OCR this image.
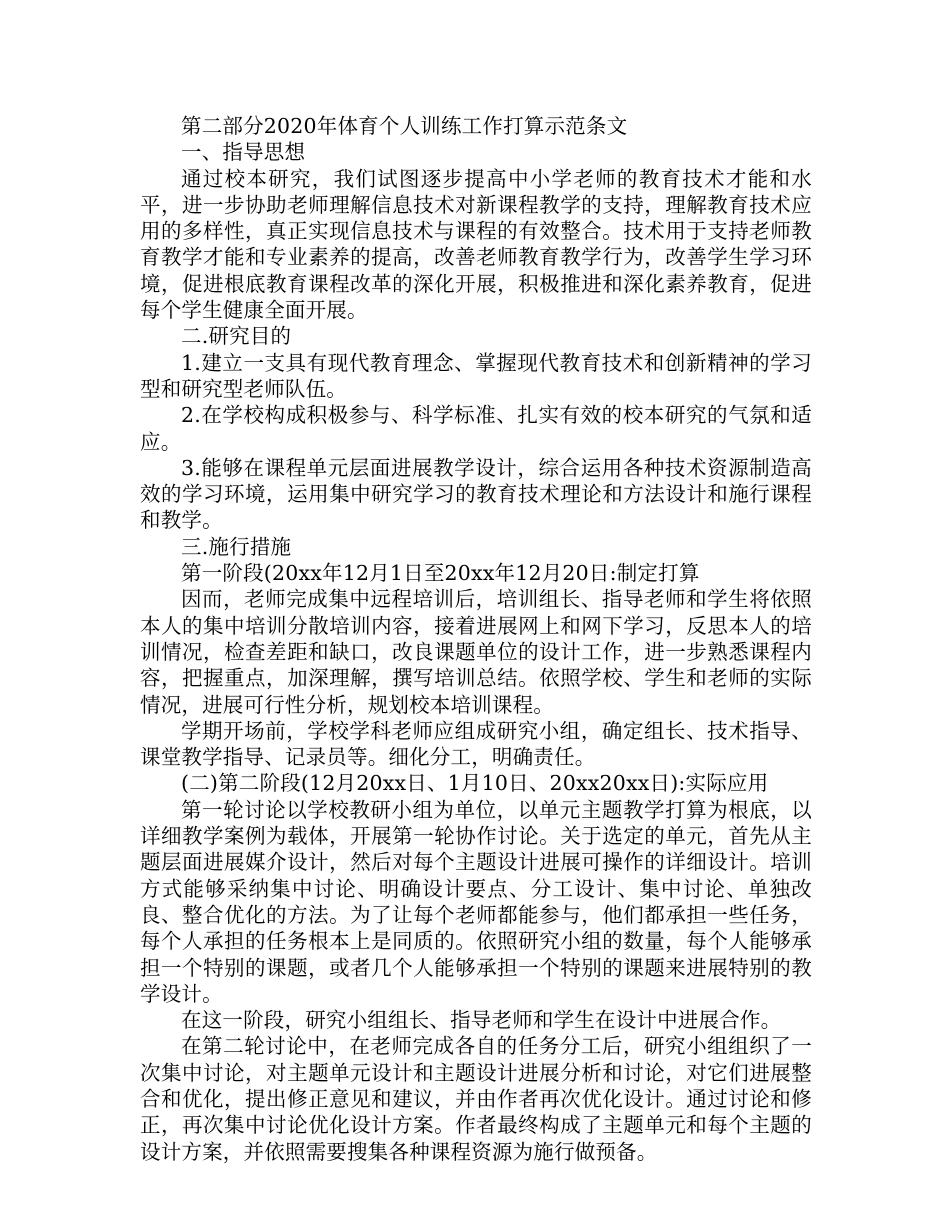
第二部分2020年体育个人训练工作打算示范条文

一、指导思想

通过校本研究，我们试图逐步提高中小学老师的教育技术才能和水平，进一步协助老师理解信息技术对新课程教学的支持，理解教育技术应用的多样性，真正实现信息技术与课程的有效整合。技术用于支持老师教育教学才能和专业素养的提高，改善老师教育教学行为，改善学生学习环境，促进根底教育课程改革的深化开展，积极推进和深化素养教育，促进每个学生健康全面开展。

二.研究目的

1.建立一支具有现代教育理念、掌握现代教育技术和创新精神的学习型和研究型老师队伍。

2.在学校构成积极参与、科学标准、扎实有效的校本研究的气氛和适应。

3.能够在课程单元层面进展教学设计，综合运用各种技术资源制造高效的学习环境，运用集中研究学习的教育技术理论和方法设计和施行课程和教学。

三.施行措施

第一阶段(20xx年12月1日至20xx年12月20日:制定打算

因而，老师完成集中远程培训后，培训组长、指导老师和学生将依照本人的集中培训分散培训内容，接着进展网上和网下学习，反思本人的培训情况，检查差距和缺口，改良课题单位的设计工作，进一步熟悉课程内容，把握重点，加深理解，撰写培训总结。依照学校、学生和老师的实际情况，进展可行性分析，规划校本培训课程。

学期开场前，学校学科老师应组成研究小组，确定组长、技术指导、课堂教学指导、记录员等。细化分工，明确责任。

(二)第二阶段(12月20xx日、1月10日、20xx20xx日):实际应用

第一轮讨论以学校教研小组为单位，以单元主题教学打算为根底，以详细教学案例为载体，开展第一轮协作讨论。关于选定的单元，首先从主题层面进展媒介设计，然后对每个主题设计进展可操作的详细设计。培训方式能够采纳集中讨论、明确设计要点、分工设计、集中讨论、单独改良、整合优化的方法。为了让每个老师都能参与，他们都承担一些任务，每个人承担的任务根本上是同质的。依照研究小组的数量，每个人能够承担一个特别的课题，或者几个人能够承担一个特别的课题来进展特别的教学设计。

在这一阶段，研究小组组长、指导老师和学生在设计中进展合作。

在第二轮讨论中，在老师完成各自的任务分工后，研究小组组织了一次集中讨论，对主题单元设计和主题设计进展分析和讨论，对它们进展整合和优化，提出修正意见和建议，并由作者再次优化设计。通过讨论和修正，再次集中讨论优化设计方案。作者最终构成了主题单元和每个主题的设计方案，并依照需要搜集各种课程资源为施行做预备。
